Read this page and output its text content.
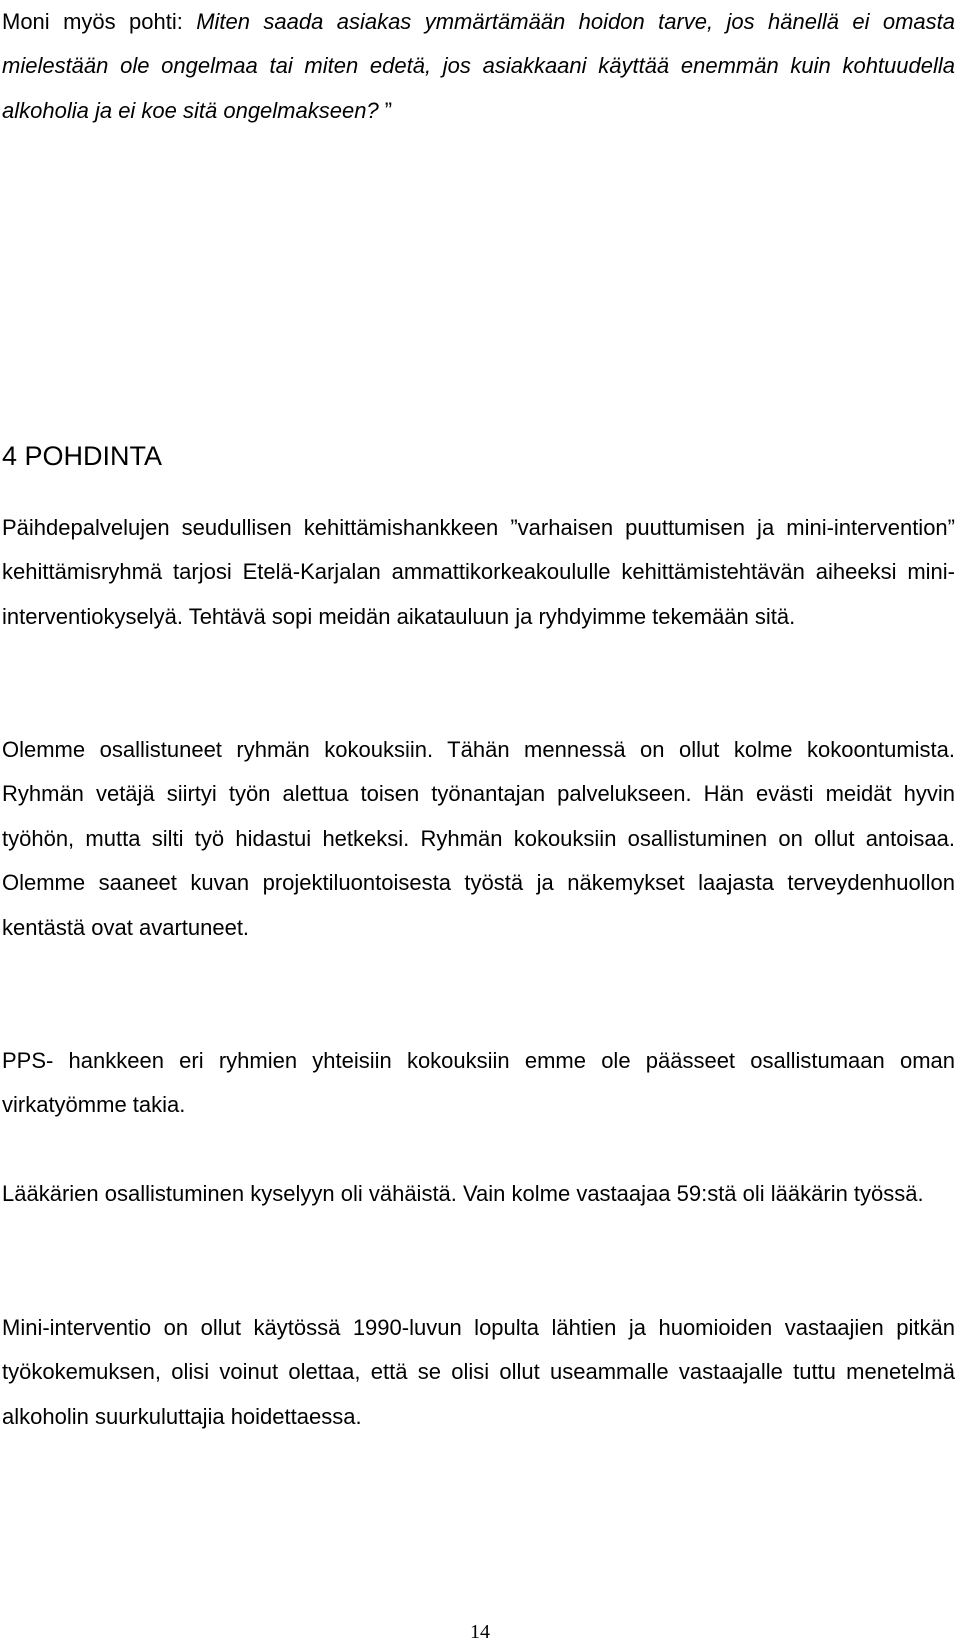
Moni myös pohti: Miten saada asiakas ymmärtämään hoidon tarve, jos hänellä ei omasta mielestään ole ongelmaa tai miten edetä, jos asiakkaani käyttää enemmän kuin kohtuudella alkoholia ja ei koe sitä ongelmakseen? ”

4 POHDINTA

Päihdepalvelujen seudullisen kehittämishankkeen ”varhaisen puuttumisen ja mini-intervention” kehittämisryhmä tarjosi Etelä-Karjalan ammattikorkeakoululle kehittämistehtävän aiheeksi mini-interventiokyselyä. Tehtävä sopi meidän aikatauluun ja ryhdyimme tekemään sitä.

Olemme osallistuneet ryhmän kokouksiin. Tähän mennessä on ollut kolme kokoontumista. Ryhmän vetäjä siirtyi työn alettua toisen työnantajan palvelukseen. Hän evästi meidät hyvin työhön, mutta silti työ hidastui hetkeksi. Ryhmän kokouksiin osallistuminen on ollut antoisaa. Olemme saaneet kuvan projektiluontoisesta työstä ja näkemykset laajasta terveydenhuollon kentästä ovat avartuneet.

PPS- hankkeen eri ryhmien yhteisiin kokouksiin emme ole päässeet osallistumaan oman virkatyömme takia.

Lääkärien osallistuminen kyselyyn oli vähäistä. Vain kolme vastaajaa 59:stä oli lääkärin työssä.

Mini-interventio on ollut käytössä 1990-luvun lopulta lähtien ja huomioiden vastaajien pitkän työkokemuksen, olisi voinut olettaa, että se olisi ollut useammalle vastaajalle tuttu menetelmä alkoholin suurkuluttajia hoidettaessa.

14
